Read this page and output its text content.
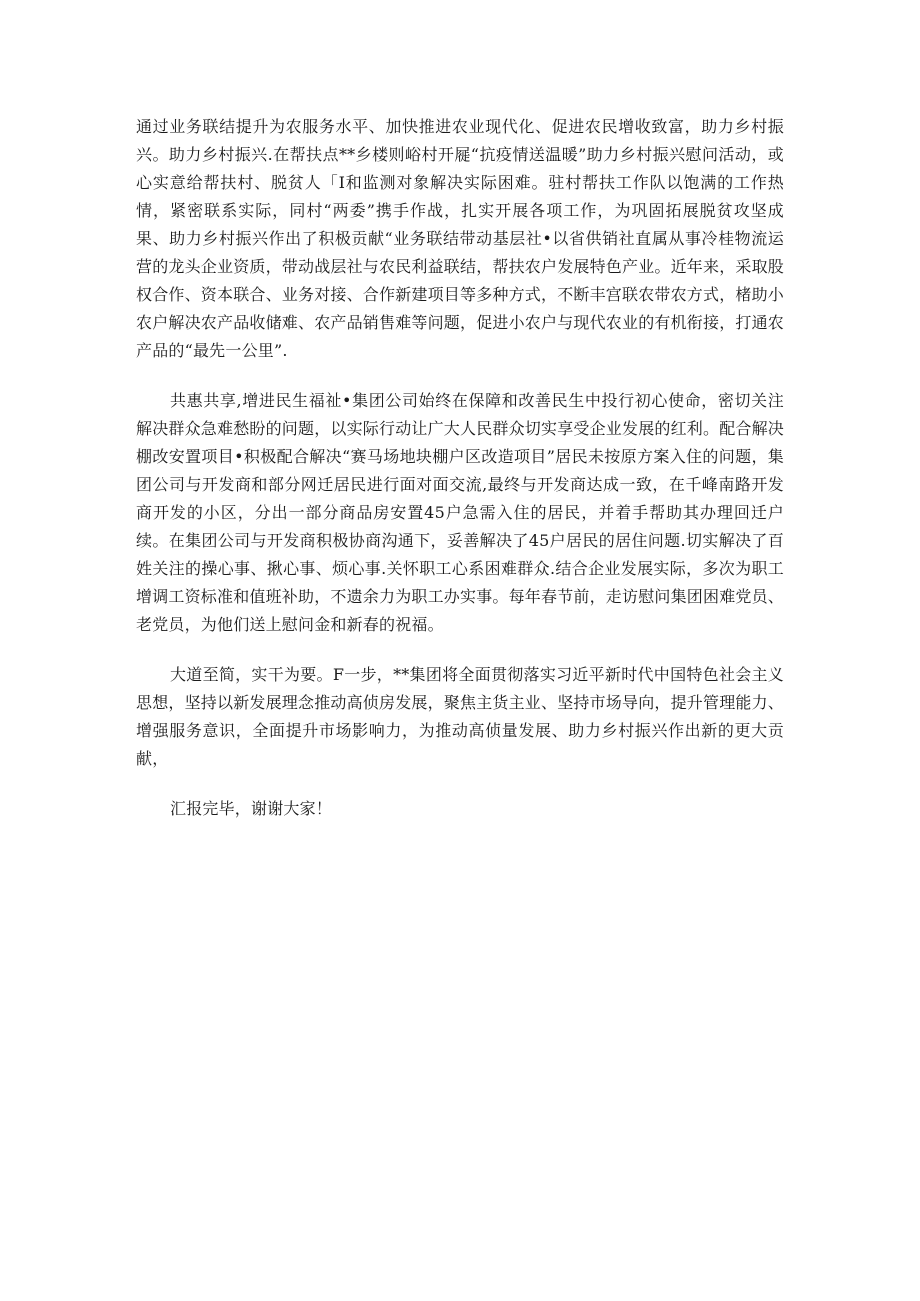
通过业务联结提升为农服务水平、加快推进农业现代化、促进农民增收致富，助力乡村振兴。助力乡村振兴.在帮扶点**乡楼则峪村开屣“抗疫情送温暖”助力乡村振兴慰问活动，或心实意给帮扶村、脱贫人「I和监测对象解决实际困难。驻村帮扶工作队以饱满的工作热情，紧密联系实际，同村“两委”携手作战，扎实开展各项工作，为巩固拓展脱贫攻坚成果、助力乡村振兴作出了积极贡献“业务联结带动基层社•以省供销社直属从事冷桂物流运营的龙头企业资质，带动战层社与农民利益联结，帮扶农户发展特色产业。近年来，采取股权合作、资本联合、业务对接、合作新建项目等多种方式，不断丰宫联农带农方式，楮助小农户解决农产品收储难、农产品销售难等问题，促进小农户与现代农业的有机衔接，打通农产品的“最先一公里”.

共惠共享,增进民生福祉•集团公司始终在保障和改善民生中投行初心使命，密切关注解决群众急难愁盼的问题，以实际行动让广大人民群众切实享受企业发展的红利。配合解决棚改安置项目•积极配合解决“赛马场地块棚户区改造项目”居民未按原方案入住的问题，集团公司与开发商和部分网迁居民进行面对面交流,最终与开发商达成一致，在千峰南路开发商开发的小区，分出一部分商品房安置45户急需入住的居民，并着手帮助其办理回迁户续。在集团公司与开发商积极协商沟通下，妥善解决了45户居民的居住问题.切实解决了百姓关注的操心事、揪心事、烦心事.关怀职工心系困难群众.结合企业发展实际，多次为职工增调工资标准和值班补助，不遗余力为职工办实事。每年春节前，走访慰问集团困难党员、老党员，为他们送上慰问金和新春的祝福。

大道至简，实干为要。F一步，**集团将全面贯彻落实习近平新时代中国特色社会主义思想，坚持以新发展理念推动高侦房发展，聚焦主货主业、坚持市场导向，提升管理能力、增强服务意识，全面提升市场影响力，为推动高侦量发展、助力乡村振兴作出新的更大贡献，

汇报完毕，谢谢大家！
